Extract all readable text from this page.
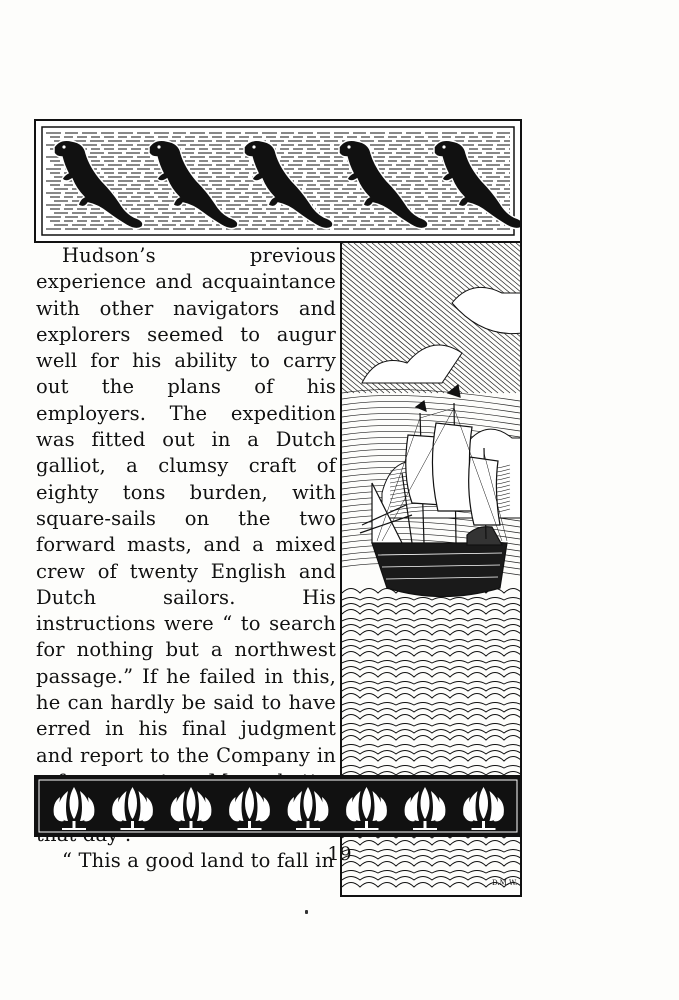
Hudson’s previous experience and acquaintance with other navigators and explorers seemed to augur well for his ability to carry out the plans of his employers. The expedition was fitted out in a Dutch galliot, a clumsy craft of eighty tons burden, with square-sails on the two forward masts, and a mixed crew of twenty English and Dutch sailors. His instructions were “ to search for nothing but a northwest passage.” If he failed in this, he can hardly be said to have erred in his final judgment and report to the Company in

“ This a good land to fall in

D.M.W.
19
